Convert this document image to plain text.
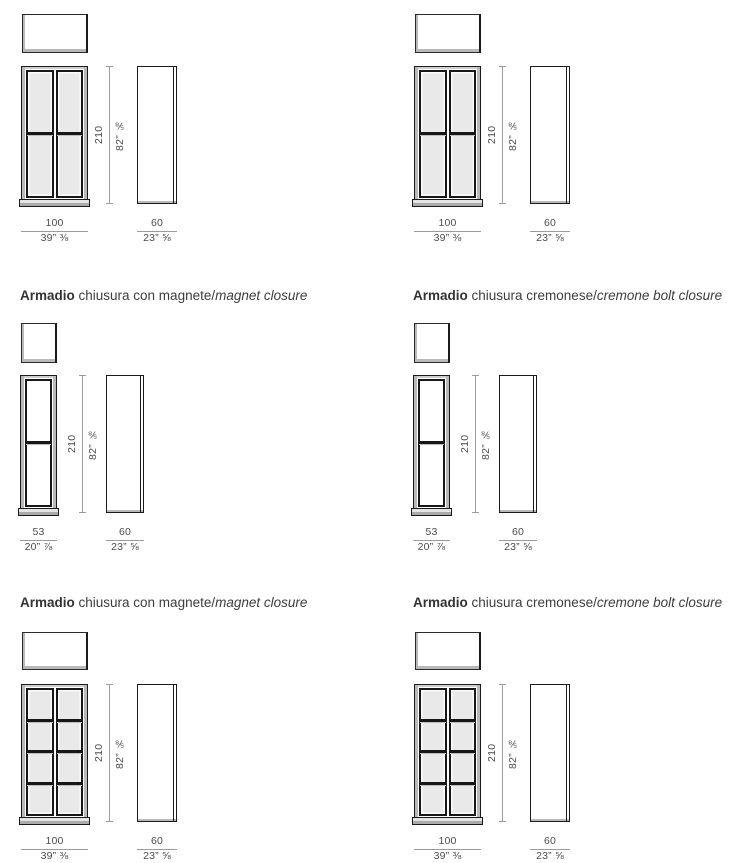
210 82” ⅝
100
39” ⅜
60
23” ⅝
210 82” ⅝
100
39” ⅜
60
23” ⅝
Armadio chiusura con magnete/magnet closure	Armadio chiusura cremonese/cremone bolt closure
210 82” ⅝
53
20” ⅞
60
23” ⅝
210 82” ⅝
53
20” ⅞
60
23” ⅝
Armadio chiusura con magnete/magnet closure	Armadio chiusura cremonese/cremone bolt closure
210 82” ⅝
100
39” ⅜
60
23” ⅝
210 82” ⅝
100
39” ⅜
60
23” ⅝
